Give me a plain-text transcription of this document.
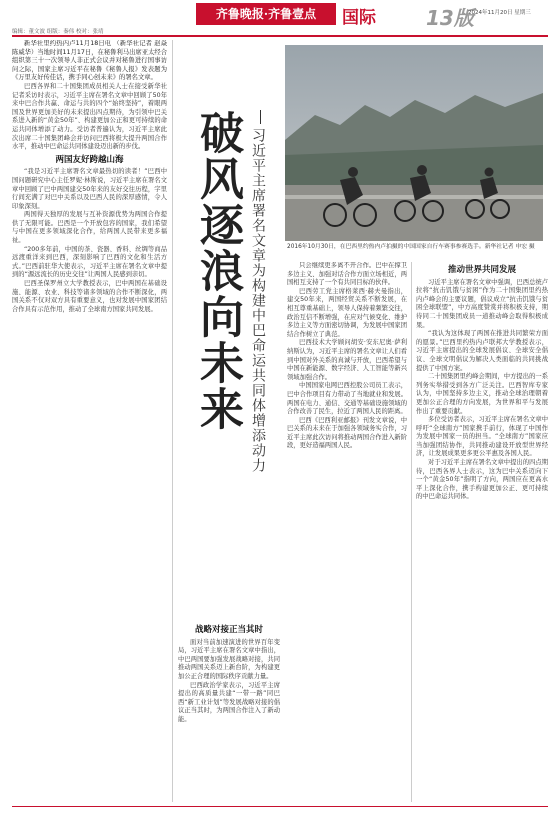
编辑：董文波 组版：秦伟 校对：张靖
齐鲁晚报·齐鲁壹点	国际	13版
2024年11月20日 星期三

新华社里约热内卢11月18日电 （新华社记者 赵焱 陈威华）当地时间11月17日，在秘鲁利马出席亚太经合组织第三十一次领导人非正式会议并对秘鲁进行国事访问之际，国家主席习近平在秘鲁《秘鲁人报》发表题为《万里友好传佳话，携手同心创未来》的署名文章。

巴西各界和二十国集团成员相关人士在接受新华社记者采访时表示，习近平主席在署名文章中回顾了50年来中巴合作共赢、命运与共的四个“始终坚持”，着眼两国及世界更加美好的未来提出四点期待，为引领中巴关系进入新的“黄金50年”、构建更加公正和更可持续的命运共同体增添了动力。受访者普遍认为，习近平主席此次出席二十国集团峰会并访问巴西将极大提升两国合作水平，推动中巴命运共同体建设迈出新的步伐。

两国友好跨越山海

“我是习近平主席署名文章最热切的读者！”巴西中国问题研究中心主任罗妮·林斯说，习近平主席在署名文章中回顾了巴中两国建交50年来的友好交往历程，字里行间充满了对巴中关系以及巴西人民的深厚感情，令人印象深刻。

两国得天独厚的发展与互补资源优势为两国合作提供了无限可能。巴西是一个开放包容的国家，我们希望与中国在更多领域深化合作，给两国人民带来更多福祉。

“200多年前，中国的茶、瓷器、香料、丝绸等商品远渡重洋来到巴西，深刻影响了巴西的文化和生活方式。”巴西前驻华大使表示，习近平主席在署名文章中提到的“源远流长的历史交往”让两国人民感到亲切。

巴西圣保罗州立大学教授表示，巴中两国在基础设施、能源、农业、科技等诸多领域的合作不断深化，两国关系不仅对双方具有重要意义，也对发展中国家团结合作具有示范作用，推动了全球南方国家共同发展。 破风逐浪向未来 习近平主席署名文章为构建中巴命运共同体增添动力	2016年10月30日，在巴西里约热内卢拍摄的中国国家自行车赛事参赛选手。新华社记者 申宏 摄
战略对接正当其时

面对当前加速演进的世界百年变局，习近平主席在署名文章中指出，中巴两国要加强发展战略对接，共同推动两国关系迈上新台阶，为构建更加公正合理的国际秩序贡献力量。

巴西政治学家表示，习近平主席提出的高质量共建“一带一路”同巴西“新工业计划”等发展战略对接的倡议正当其时，为两国合作注入了新动能。

只会继续更多离不开合作。巴中在撑卫多边主义、加强对话合作方面立场相近，两国相互支持了一个有共同目标的伙伴。

巴西劳工党主席格莱西·赫夫曼指出，建交50年来，两国经贸关系不断发展，在相互尊重基础上，领导人保持着频繁交往，政治互信不断增强，在应对气候变化、维护多边主义等方面密切协调，为发展中国家团结合作树立了典范。

巴西技术大学顾问胡安·安东尼奥·萨利纳斯认为，习近平主席的署名文章让人们看到中国对外关系的真诚与开放，巴西希望与中国在新能源、数字经济、人工智能等新兴领域加强合作。

中国国家电网巴西控股公司员工表示，巴中合作项目有力带动了当地就业和发展。两国在电力、通信、交通等基础设施领域的合作改善了民生，拉近了两国人民的距离。

巴西《巴西利亚邮报》刊发文章说，中巴关系的未来在于加强各领域务实合作，习近平主席此次访问将推动两国合作进入新阶段，更好造福两国人民。

推动世界共同发展

习近平主席在署名文章中强调，巴西总统卢拉将“抗击饥饿与贫困”作为二十国集团里约热内卢峰会的主要议题，倡议成立“抗击饥饿与贫困全球联盟”，中方高度赞赏并将积极支持，期待同二十国集团成员一道推动峰会取得积极成果。

“我认为这体现了两国在推进共同繁荣方面的愿景。”巴西里约热内卢联邦大学教授表示，习近平主席提出的全球发展倡议、全球安全倡议、全球文明倡议为解决人类面临的共同挑战提供了中国方案。

二十国集团里约峰会期间，中方提出的一系列务实举措受到各方广泛关注。巴西智库专家认为，中国坚持多边主义，推动全球治理朝着更加公正合理的方向发展，为世界和平与发展作出了重要贡献。

多位受访者表示，习近平主席在署名文章中呼吁“全球南方”国家携手前行，体现了中国作为发展中国家一员的担当。“全球南方”国家应当加强团结协作，共同推动建设开放型世界经济，让发展成果更多更公平惠及各国人民。

对于习近平主席在署名文章中提出的四点期待，巴西各界人士表示，这为巴中关系迈向下一个“黄金50年”指明了方向，两国应在更高水平上深化合作，携手构建更加公正、更可持续的中巴命运共同体。
